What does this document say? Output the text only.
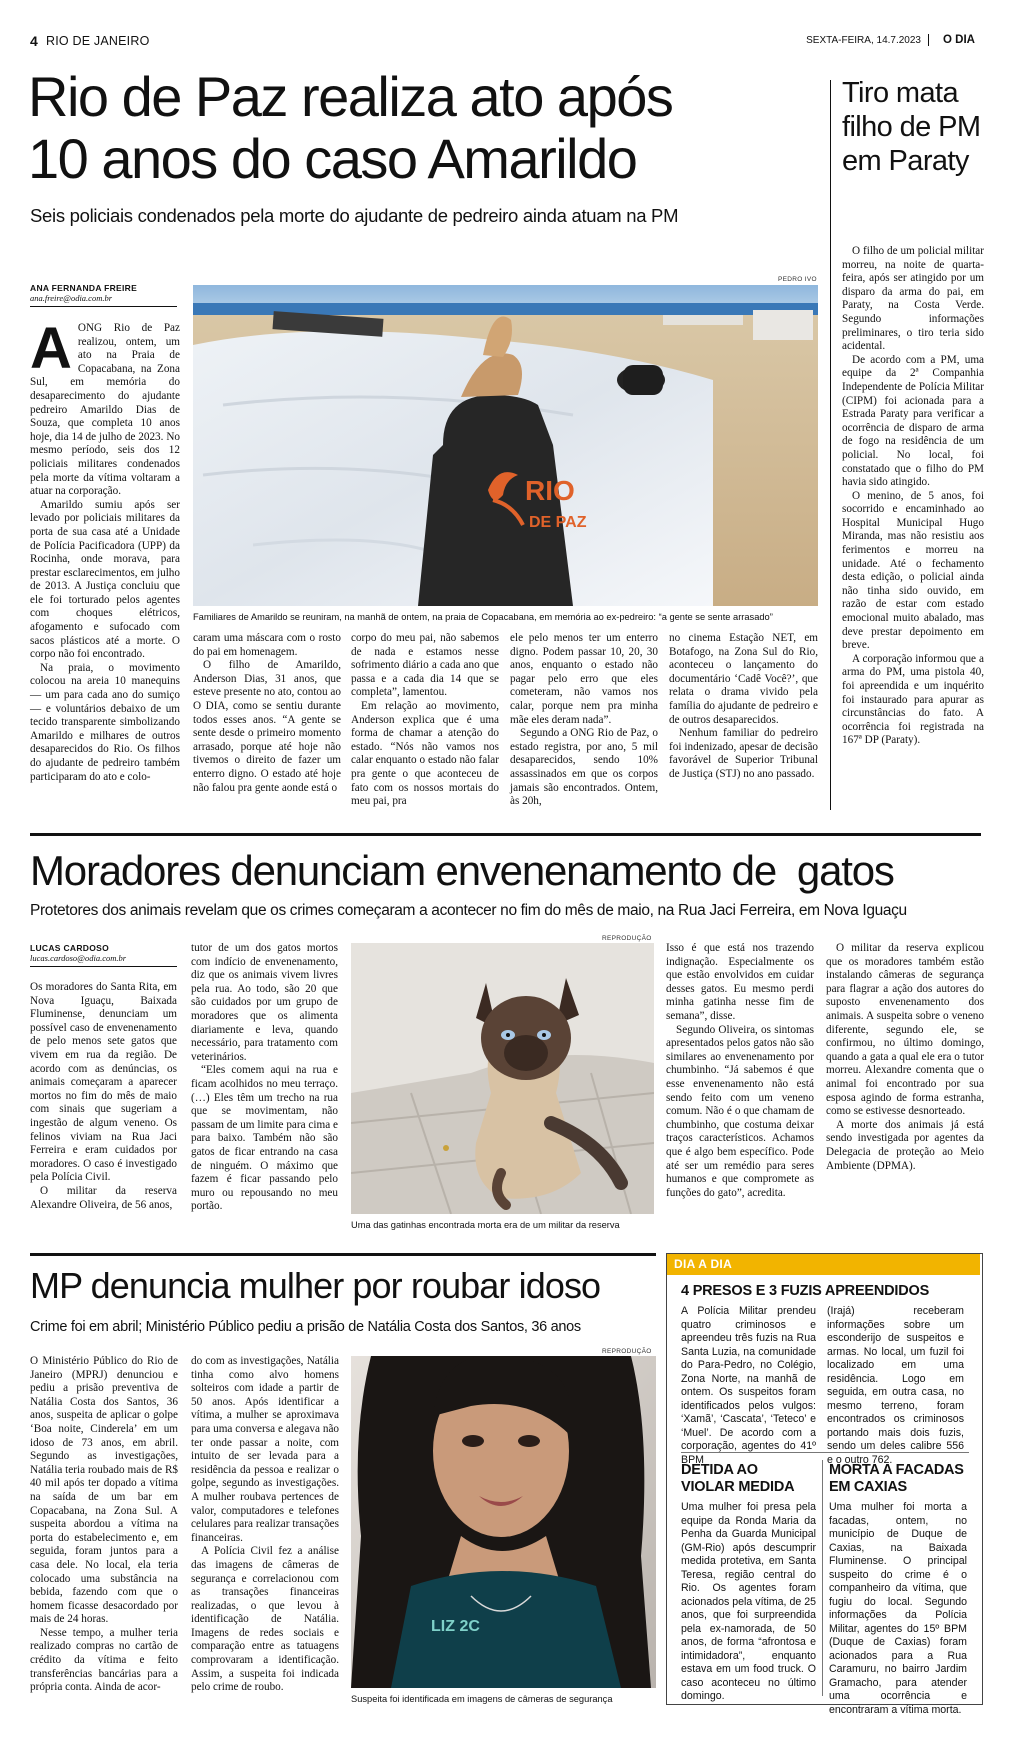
4 RIO DE JANEIRO	SEXTA-FEIRA, 14.7.2023 O DIA
Rio de Paz realiza ato após
10 anos do caso Amarildo
Seis policiais condenados pela morte do ajudante de pedreiro ainda atuam na PM
ANA FERNANDA FREIRE
ana.freire@odia.com.br
PEDRO IVO
RIO
DE PAZ
Familiares de Amarildo se reuniram, na manhã de ontem, na praia de Copacabana, em memória ao ex-pedreiro: “a gente se sente arrasado”

AONG Rio de Paz realizou, ontem, um ato na Praia de Copacabana, na Zona Sul, em memória do desaparecimento do ajudante pedreiro Amarildo Dias de Souza, que completa 10 anos hoje, dia 14 de julho de 2023. No mesmo período, seis dos 12 policiais militares condenados pela morte da vítima voltaram a atuar na corporação.

Amarildo sumiu após ser levado por policiais militares da porta de sua casa até a Unidade de Polícia Pacificadora (UPP) da Rocinha, onde morava, para prestar esclarecimentos, em julho de 2013. A Justiça concluiu que ele foi torturado pelos agentes com choques elétricos, afogamento e sufocado com sacos plásticos até a morte. O corpo não foi encontrado.

Na praia, o movimento colocou na areia 10 manequins — um para cada ano do sumiço — e voluntários debaixo de um tecido transparente simbolizando Amarildo e milhares de outros desaparecidos do Rio. Os filhos do ajudante de pedreiro também participaram do ato e colo-

caram uma máscara com o rosto do pai em homenagem.

O filho de Amarildo, Anderson Dias, 31 anos, que esteve presente no ato, contou ao O DIA, como se sentiu durante todos esses anos. “A gente se sente desde o primeiro momento arrasado, porque até hoje não tivemos o direito de fazer um enterro digno. O estado até hoje não falou pra gente aonde está o

corpo do meu pai, não sabemos de nada e estamos nesse sofrimento diário a cada ano que passa e a cada dia 14 que se completa”, lamentou.

Em relação ao movimento, Anderson explica que é uma forma de chamar a atenção do estado. “Nós não vamos nos calar enquanto o estado não falar pra gente o que aconteceu de fato com os nossos mortais do meu pai, pra

ele pelo menos ter um enterro digno. Podem passar 10, 20, 30 anos, enquanto o estado não pagar pelo erro que eles cometeram, não vamos nos calar, porque nem pra minha mãe eles deram nada”.

Segundo a ONG Rio de Paz, o estado registra, por ano, 5 mil desaparecidos, sendo 10% assassinados em que os corpos jamais são encontrados. Ontem, às 20h,

no cinema Estação NET, em Botafogo, na Zona Sul do Rio, aconteceu o lançamento do documentário ‘Cadê Você?’, que relata o drama vivido pela família do ajudante de pedreiro e de outros desaparecidos.

Nenhum familiar do pedreiro foi indenizado, apesar de decisão favorável de Superior Tribunal de Justiça (STJ) no ano passado.

Tiro mata filho de PM em Paraty

O filho de um policial militar morreu, na noite de quarta-feira, após ser atingido por um disparo da arma do pai, em Paraty, na Costa Verde. Segundo informações preliminares, o tiro teria sido acidental.

De acordo com a PM, uma equipe da 2ª Companhia Independente de Polícia Militar (CIPM) foi acionada para a Estrada Paraty para verificar a ocorrência de disparo de arma de fogo na residência de um policial. No local, foi constatado que o filho do PM havia sido atingido.

O menino, de 5 anos, foi socorrido e encaminhado ao Hospital Municipal Hugo Miranda, mas não resistiu aos ferimentos e morreu na unidade. Até o fechamento desta edição, o policial ainda não tinha sido ouvido, em razão de estar com estado emocional muito abalado, mas deve prestar depoimento em breve.

A corporação informou que a arma do PM, uma pistola 40, foi apreendida e um inquérito foi instaurado para apurar as circunstâncias do fato. A ocorrência foi registrada na 167ª DP (Paraty).

Moradores denunciam envenenamento de  gatos
Protetores dos animais revelam que os crimes começaram a acontecer no fim do mês de maio, na Rua Jaci Ferreira, em Nova Iguaçu
LUCAS CARDOSO
lucas.cardoso@odia.com.br

Os moradores do Santa Rita, em Nova Iguaçu, Baixada Fluminense, denunciam um possível caso de envenenamento de pelo menos sete gatos que vivem em rua da região. De acordo com as denúncias, os animais começaram a aparecer mortos no fim do mês de maio com sinais que sugeriam a ingestão de algum veneno. Os felinos viviam na Rua Jaci Ferreira e eram cuidados por moradores. O caso é investigado pela Polícia Civil.

O militar da reserva Alexandre Oliveira, de 56 anos,

tutor de um dos gatos mortos com indício de envenenamento, diz que os animais vivem livres pela rua. Ao todo, são 20 que são cuidados por um grupo de moradores que os alimenta diariamente e leva, quando necessário, para tratamento com veterinários.

“Eles comem aqui na rua e ficam acolhidos no meu terraço. (…) Eles têm um trecho na rua que se movimentam, não passam de um limite para cima e para baixo. Também não são gatos de ficar entrando na casa de ninguém. O máximo que fazem é ficar passando pelo muro ou repousando no meu portão.

REPRODUÇÃO
Uma das gatinhas encontrada morta era de um militar da reserva

Isso é que está nos trazendo indignação. Especialmente os que estão envolvidos em cuidar desses gatos. Eu mesmo perdi minha gatinha nesse fim de semana”, disse.

Segundo Oliveira, os sintomas apresentados pelos gatos não são similares ao envenenamento por chumbinho. “Já sabemos é que esse envenenamento não está sendo feito com um veneno comum. Não é o que chamam de chumbinho, que costuma deixar traços característicos. Achamos que é algo bem específico. Pode até ser um remédio para seres humanos e que compromete as funções do gato”, acredita.

O militar da reserva explicou que os moradores também estão instalando câmeras de segurança para flagrar a ação dos autores do suposto envenenamento dos animais. A suspeita sobre o veneno diferente, segundo ele, se confirmou, no último domingo, quando a gata a qual ele era o tutor morreu. Alexandre comenta que o animal foi encontrado por sua esposa agindo de forma estranha, como se estivesse desnorteado.

A morte dos animais já está sendo investigada por agentes da Delegacia de proteção ao Meio Ambiente (DPMA).

MP denuncia mulher por roubar idoso
Crime foi em abril; Ministério Público pediu a prisão de Natália Costa dos Santos, 36 anos

O Ministério Público do Rio de Janeiro (MPRJ) denunciou e pediu a prisão preventiva de Natália Costa dos Santos, 36 anos, suspeita de aplicar o golpe ‘Boa noite, Cinderela’ em um idoso de 73 anos, em abril. Segundo as investigações, Natália teria roubado mais de R$ 40 mil após ter dopado a vítima na saída de um bar em Copacabana, na Zona Sul. A suspeita abordou a vítima na porta do estabelecimento e, em seguida, foram juntos para a casa dele. No local, ela teria colocado uma substância na bebida, fazendo com que o homem ficasse desacordado por mais de 24 horas.

Nesse tempo, a mulher teria realizado compras no cartão de crédito da vítima e feito transferências bancárias para a própria conta. Ainda de acor-

do com as investigações, Natália tinha como alvo homens solteiros com idade a partir de 50 anos. Após identificar a vítima, a mulher se aproximava para uma conversa e alegava não ter onde passar a noite, com intuito de ser levada para a residência da pessoa e realizar o golpe, segundo as investigações. A mulher roubava pertences de valor, computadores e telefones celulares para realizar transações financeiras.

A Polícia Civil fez a análise das imagens de câmeras de segurança e correlacionou com as transações financeiras realizadas, o que levou à identificação de Natália. Imagens de redes sociais e comparação entre as tatuagens comprovaram a identificação. Assim, a suspeita foi indicada pelo crime de roubo.

REPRODUÇÃO
LIZ 2C
Suspeita foi identificada em imagens de câmeras de segurança
DIA A DIA
4 PRESOS E 3 FUZIS APREENDIDOS
A Polícia Militar prendeu quatro criminosos e apreendeu três fuzis na Rua Santa Luzia, na comunidade do Para-Pedro, no Colégio, Zona Norte, na manhã de ontem. Os suspeitos foram identificados pelos vulgos: ‘Xamã’, ‘Cascata’, ‘Teteco’ e ‘Muel’. De acordo com a corporação, agentes do 41º BPM
(Irajá) receberam informações sobre um esconderijo de suspeitos e armas. No local, um fuzil foi localizado em uma residência. Logo em seguida, em outra casa, no mesmo terreno, foram encontrados os criminosos portando mais dois fuzis, sendo um deles calibre 556 e o outro 762.
DETIDA AO
VIOLAR MEDIDA
Uma mulher foi presa pela equipe da Ronda Maria da Penha da Guarda Municipal (GM-Rio) após descumprir medida protetiva, em Santa Teresa, região central do Rio. Os agentes foram acionados pela vítima, de 25 anos, que foi surpreendida pela ex-namorada, de 50 anos, de forma “afrontosa e intimidadora”, enquanto estava em um food truck. O caso aconteceu no último domingo.
MORTA A FACADAS
EM CAXIAS
Uma mulher foi morta a facadas, ontem, no município de Duque de Caxias, na Baixada Fluminense. O principal suspeito do crime é o companheiro da vítima, que fugiu do local. Segundo informações da Polícia Militar, agentes do 15º BPM (Duque de Caxias) foram acionados para a Rua Caramuru, no bairro Jardim Gramacho, para atender uma ocorrência e encontraram a vítima morta.
